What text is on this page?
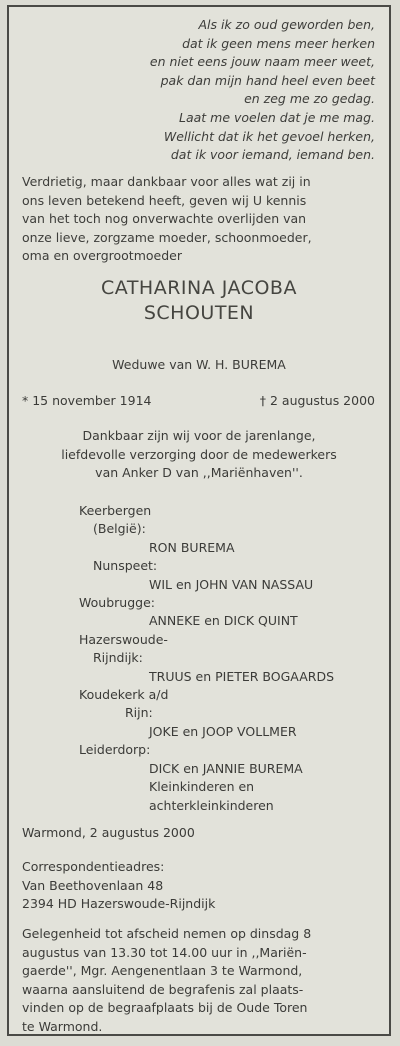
Als ik zo oud geworden ben,
dat ik geen mens meer herken
en niet eens jouw naam meer weet,
pak dan mijn hand heel even beet
en zeg me zo gedag.
Laat me voelen dat je me mag.
Wellicht dat ik het gevoel herken,
dat ik voor iemand, iemand ben.
Verdrietig, maar dankbaar voor alles wat zij in
ons leven betekend heeft, geven wij U kennis
van het toch nog onverwachte overlijden van
onze lieve, zorgzame moeder, schoonmoeder,
oma en overgrootmoeder
CATHARINA JACOBA
SCHOUTEN
Weduwe van W. H. BUREMA
* 15 november 1914	† 2 augustus 2000
Dankbaar zijn wij voor de jarenlange,
liefdevolle verzorging door de medewerkers
van Anker D van ,,Mariënhaven''.
Keerbergen
(België):
RON BUREMA
Nunspeet:
WIL en JOHN VAN NASSAU
Woubrugge:
ANNEKE en DICK QUINT
Hazerswoude-
Rijndijk:
TRUUS en PIETER BOGAARDS
Koudekerk a/d
Rijn:
JOKE en JOOP VOLLMER
Leiderdorp:
DICK en JANNIE BUREMA
Kleinkinderen en
achterkleinkinderen
Warmond, 2 augustus 2000
Correspondentieadres:
Van Beethovenlaan 48
2394 HD Hazerswoude-Rijndijk
Gelegenheid tot afscheid nemen op dinsdag 8
augustus van 13.30 tot 14.00 uur in ,,Mariën-
gaerde'', Mgr. Aengenentlaan 3 te Warmond,
waarna aansluitend de begrafenis zal plaats-
vinden op de begraafplaats bij de Oude Toren
te Warmond.
